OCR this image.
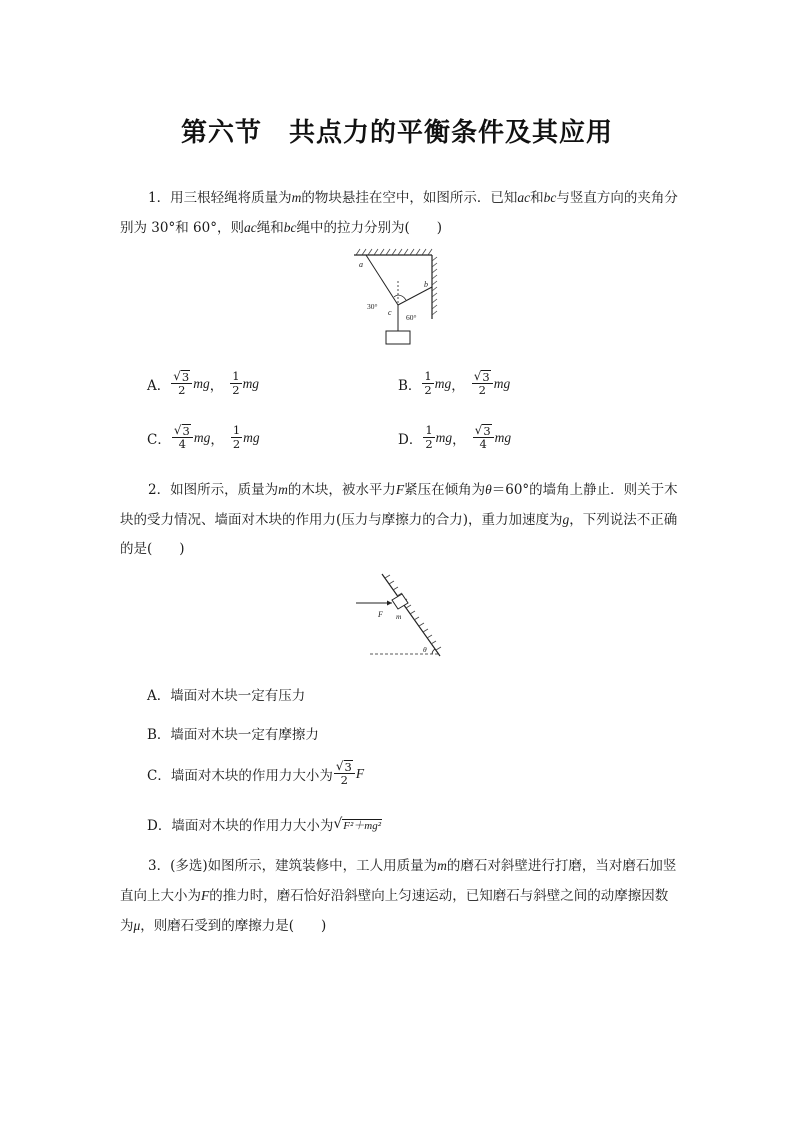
第六节　共点力的平衡条件及其应用
1．用三根轻绳将质量为m的物块悬挂在空中，如图所示．已知ac和bc与竖直方向的夹角分别为 30°和 60°，则ac绳和bc绳中的拉力分别为(　　)
a
b
c
30°
60°
A． $\frac{√ 3}{2}$ mg ， $\frac{1}{2}$ mg	B． $\frac{1}{2}$ mg ， $\frac{√ 3}{2}$ mg
C． $\frac{√ 3}{4}$ mg ， $\frac{1}{2}$ mg	D． $\frac{1}{2}$ mg ， $\frac{√ 3}{4}$ mg
2．如图所示，质量为m的木块，被水平力F紧压在倾角为θ＝60°的墙角上静止．则关于木块的受力情况、墙面对木块的作用力(压力与摩擦力的合力)，重力加速度为g，下列说法不正确的是(　　)
F m
θ
A． 墙面对木块一定有压力
B． 墙面对木块一定有摩擦力
C． 墙面对木块的作用力大小为 $\frac{√ 3}{2}$ F
D． 墙面对木块的作用力大小为 √ F²＋mg²
3．(多选)如图所示，建筑装修中，工人用质量为m的磨石对斜壁进行打磨，当对磨石加竖直向上大小为F的推力时，磨石恰好沿斜壁向上匀速运动，已知磨石与斜壁之间的动摩擦因数为μ，则磨石受到的摩擦力是(　　)
